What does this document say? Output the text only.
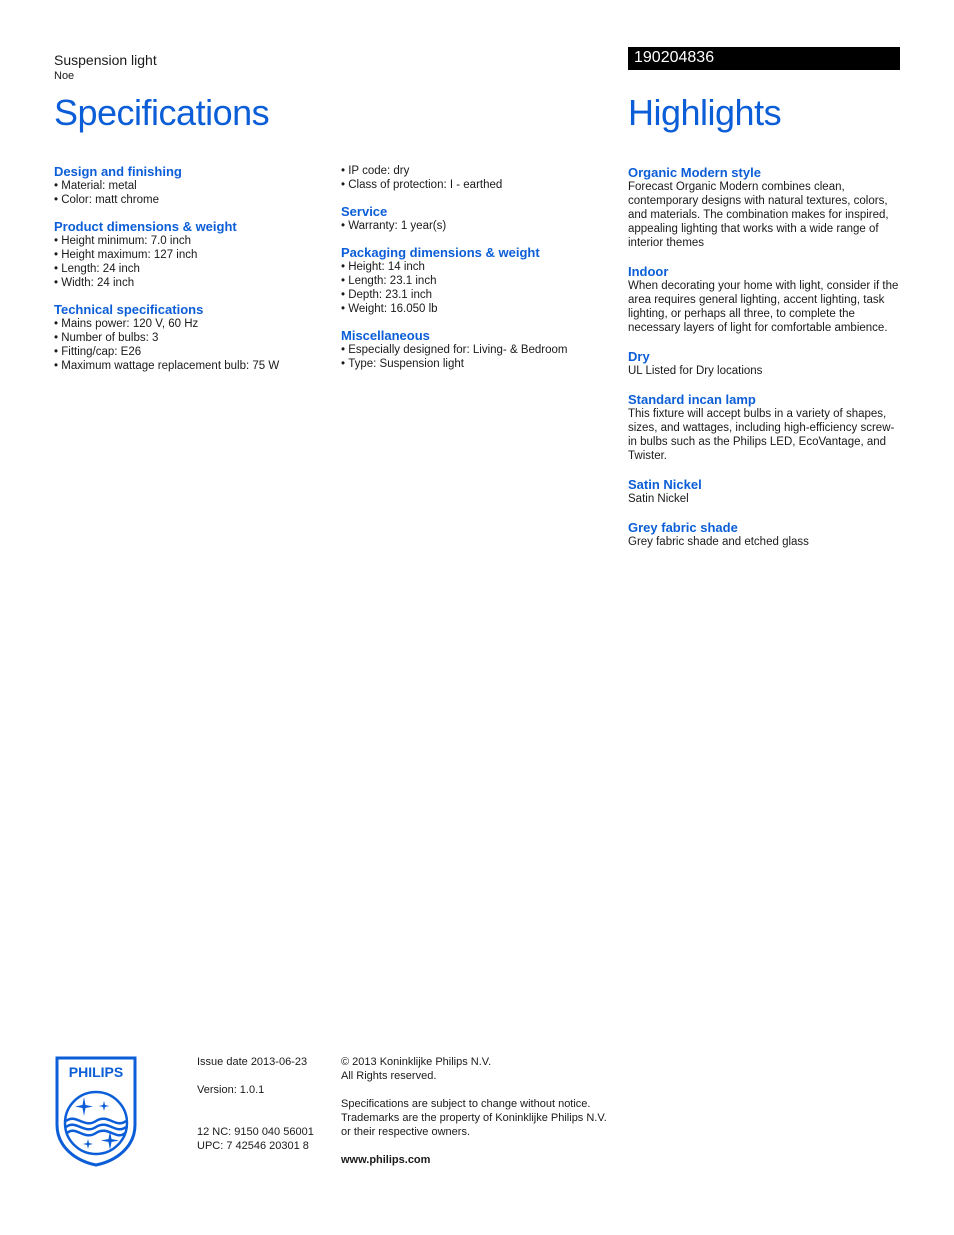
Suspension light
Noe
190204836
Specifications	Highlights
Design and finishing
• Material: metal
• Color: matt chrome
Product dimensions & weight
• Height minimum: 7.0 inch
• Height maximum: 127 inch
• Length: 24 inch
• Width: 24 inch
Technical specifications
• Mains power: 120 V, 60 Hz
• Number of bulbs: 3
• Fitting/cap: E26
• Maximum wattage replacement bulb: 75 W
• IP code: dry
• Class of protection: I - earthed
Service
• Warranty: 1 year(s)
Packaging dimensions & weight
• Height: 14 inch
• Length: 23.1 inch
• Depth: 23.1 inch
• Weight: 16.050 lb
Miscellaneous
• Especially designed for: Living- & Bedroom
• Type: Suspension light
Organic Modern style

Forecast Organic Modern combines clean, contemporary designs with natural textures, colors, and materials. The combination makes for inspired, appealing lighting that works with a wide range of interior themes

Indoor

When decorating your home with light, consider if the area requires general lighting, accent lighting, task lighting, or perhaps all three, to complete the necessary layers of light for comfortable ambience.

Dry

UL Listed for Dry locations

Standard incan lamp

This fixture will accept bulbs in a variety of shapes, sizes, and wattages, including high-efficiency screw-in bulbs such as the Philips LED, EcoVantage, and Twister.

Satin Nickel

Satin Nickel

Grey fabric shade

Grey fabric shade and etched glass

PHILIPS

Issue date 2013-06-23

Version: 1.0.1

12 NC: 9150 040 56001

UPC: 7 42546 20301 8

© 2013 Koninklijke Philips N.V.

All Rights reserved.

Specifications are subject to change without notice.

Trademarks are the property of Koninklijke Philips N.V.

or their respective owners.

www.philips.com
